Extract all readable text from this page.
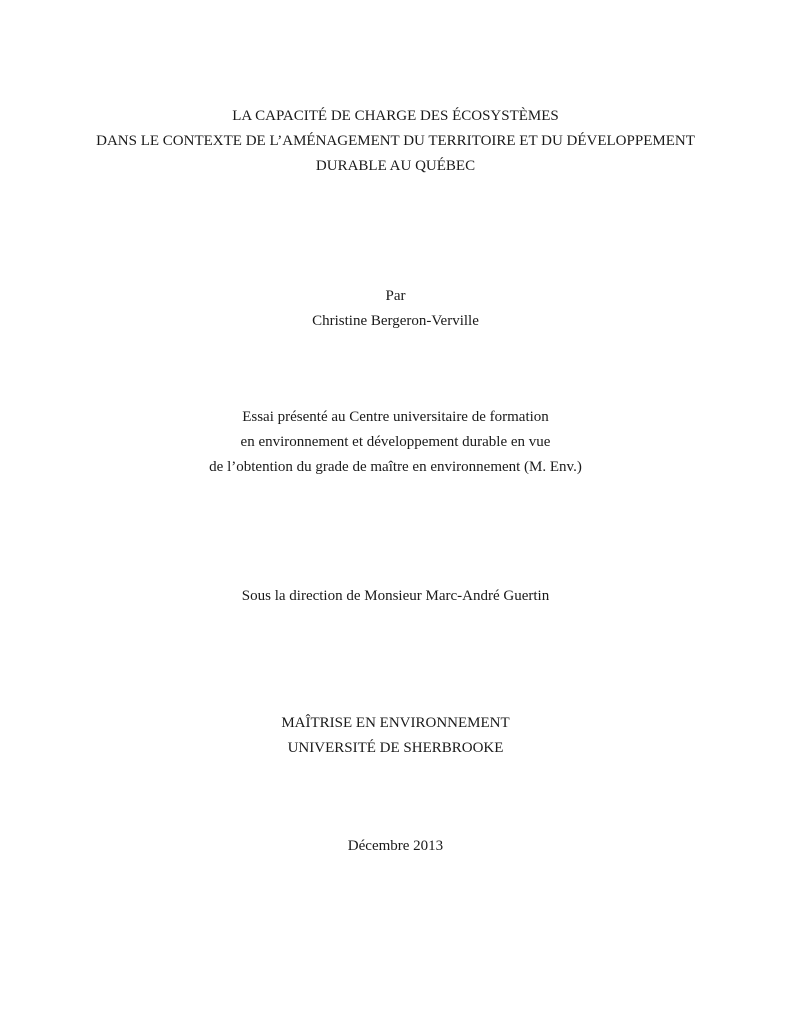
LA CAPACITÉ DE CHARGE DES ÉCOSYSTÈMES
DANS LE CONTEXTE DE L’AMÉNAGEMENT DU TERRITOIRE ET DU DÉVELOPPEMENT
DURABLE AU QUÉBEC
Par
Christine Bergeron-Verville
Essai présenté au Centre universitaire de formation
en environnement et développement durable en vue
de l’obtention du grade de maître en environnement (M. Env.)
Sous la direction de Monsieur Marc-André Guertin
MAÎTRISE EN ENVIRONNEMENT
UNIVERSITÉ DE SHERBROOKE
Décembre 2013
